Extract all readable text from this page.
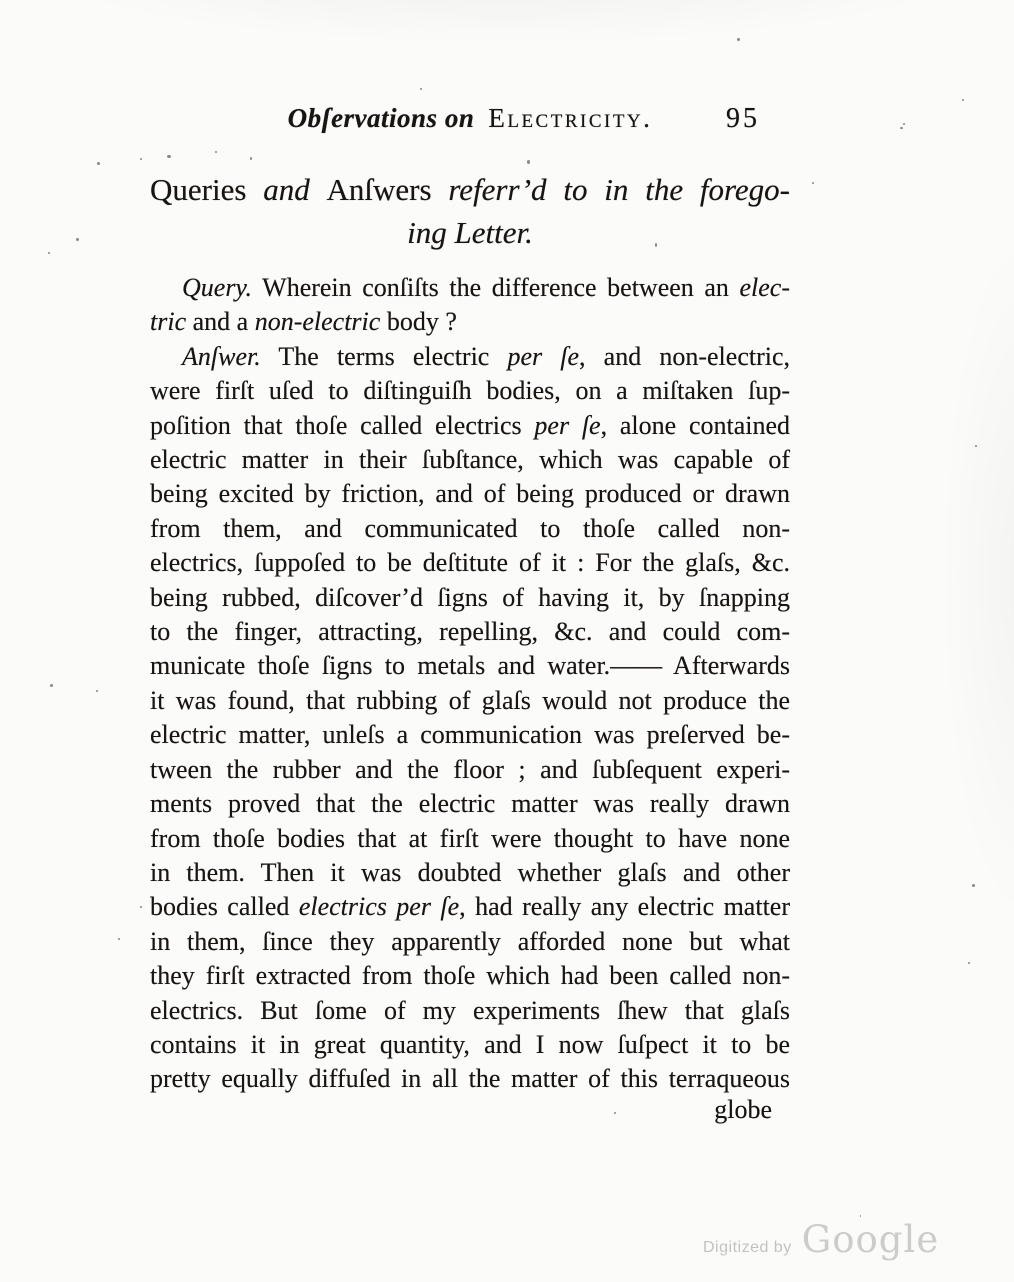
Obſervations on Electricity.	95
Queries and Anſwers referr’d to in the forego-
ing Letter.
Query. Wherein conſiſts the difference between an elec-
tric and a non-electric body ?
Anſwer. The terms electric per ſe, and non-electric,
were firſt uſed to diſtinguiſh bodies, on a miſtaken ſup-
poſition that thoſe called electrics per ſe, alone contained
electric matter in their ſubſtance, which was capable of
being excited by friction, and of being produced or drawn
from them, and communicated to thoſe called non-
electrics, ſuppoſed to be deſtitute of it : For the glaſs, &c.
being rubbed, diſcover’d ſigns of having it, by ſnapping
to the finger, attracting, repelling, &c. and could com-
municate thoſe ſigns to metals and water.—— Afterwards
it was found, that rubbing of glaſs would not produce the
electric matter, unleſs a communication was preſerved be-
tween the rubber and the floor ; and ſubſequent experi-
ments proved that the electric matter was really drawn
from thoſe bodies that at firſt were thought to have none
in them. Then it was doubted whether glaſs and other
bodies called electrics per ſe, had really any electric matter
in them, ſince they apparently afforded none but what
they firſt extracted from thoſe which had been called non-
electrics. But ſome of my experiments ſhew that glaſs
contains it in great quantity, and I now ſuſpect it to be
pretty equally diffuſed in all the matter of this terraqueous
globe
Digitized by Google
